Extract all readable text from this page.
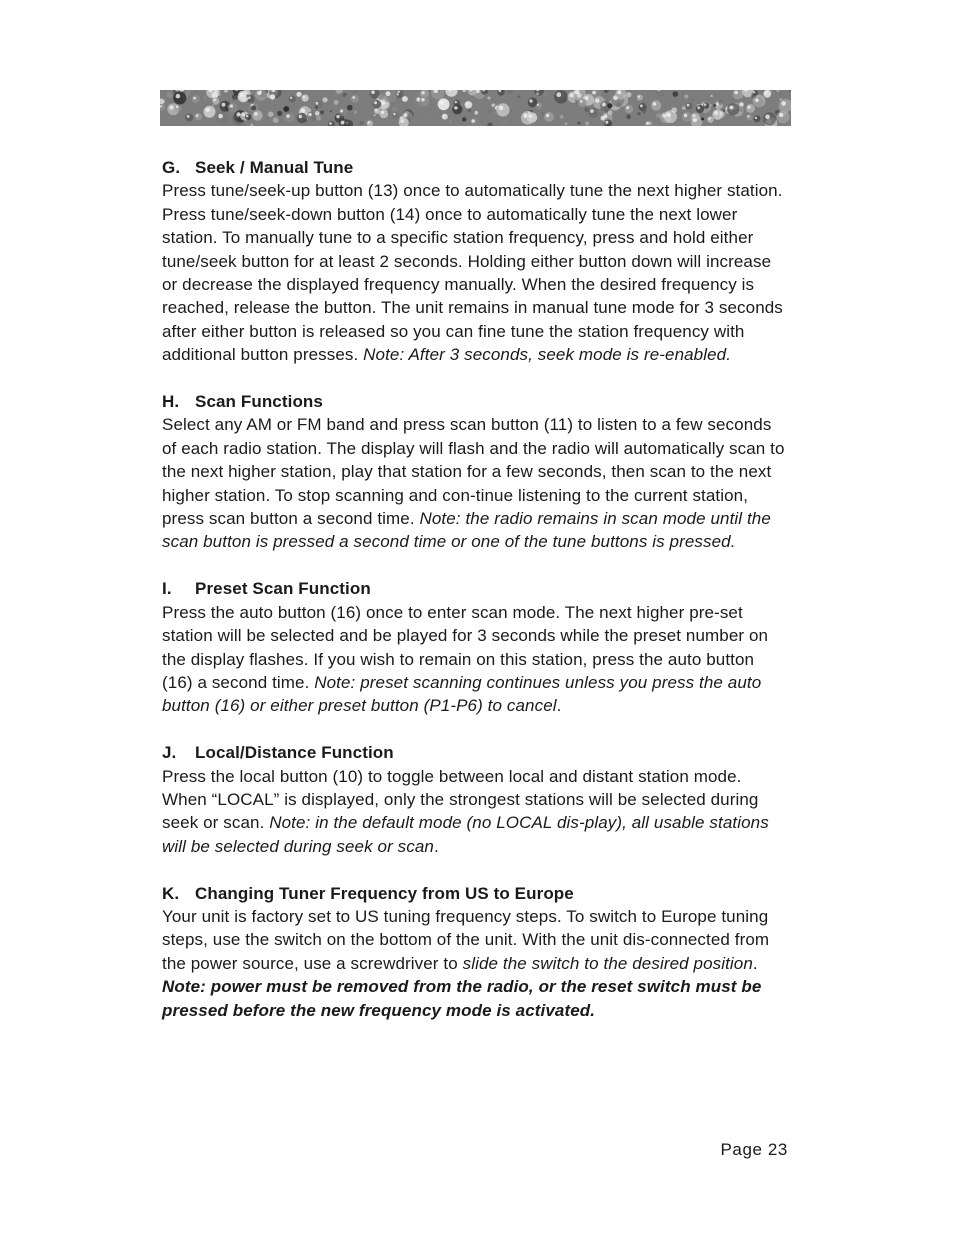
G. Seek / Manual Tune

Press tune/seek-up button (13) once to automatically tune the next higher station. Press tune/seek-down button (14) once to automatically tune the next lower station. To manually tune to a specific station frequency, press and hold either tune/seek button for at least 2 seconds. Holding either button down will increase or decrease the displayed frequency manually. When the desired frequency is reached, release the button. The unit remains in manual tune mode for 3 seconds after either button is released so you can fine tune the station frequency with additional button presses. Note: After 3 seconds, seek mode is re-enabled.

H. Scan Functions

Select any AM or FM band and press scan button (11) to listen to a few seconds of each radio station. The display will flash and the radio will automatically scan to the next higher station, play that station for a few seconds, then scan to the next higher station. To stop scanning and con-tinue listening to the current station, press scan button a second time. Note: the radio remains in scan mode until the scan button is pressed a second time or one of the tune buttons is pressed.

I. Preset Scan Function

Press the auto button (16) once to enter scan mode. The next higher pre-set station will be selected and be played for 3 seconds while the preset number on the display flashes. If you wish to remain on this station, press the auto button (16) a second time. Note: preset scanning continues unless you press the auto button (16) or either preset button (P1-P6) to cancel.

J. Local/Distance Function

Press the local button (10) to toggle between local and distant station mode. When “LOCAL” is displayed, only the strongest stations will be selected during seek or scan. Note: in the default mode (no LOCAL dis-play), all usable stations will be selected during seek or scan.

K. Changing Tuner Frequency from US to Europe

Your unit is factory set to US tuning frequency steps. To switch to Europe tuning steps, use the switch on the bottom of the unit. With the unit dis-connected from the power source, use a screwdriver to slide the switch to the desired position. Note: power must be removed from the radio, or the reset switch must be pressed before the new frequency mode is activated.

Page 23
